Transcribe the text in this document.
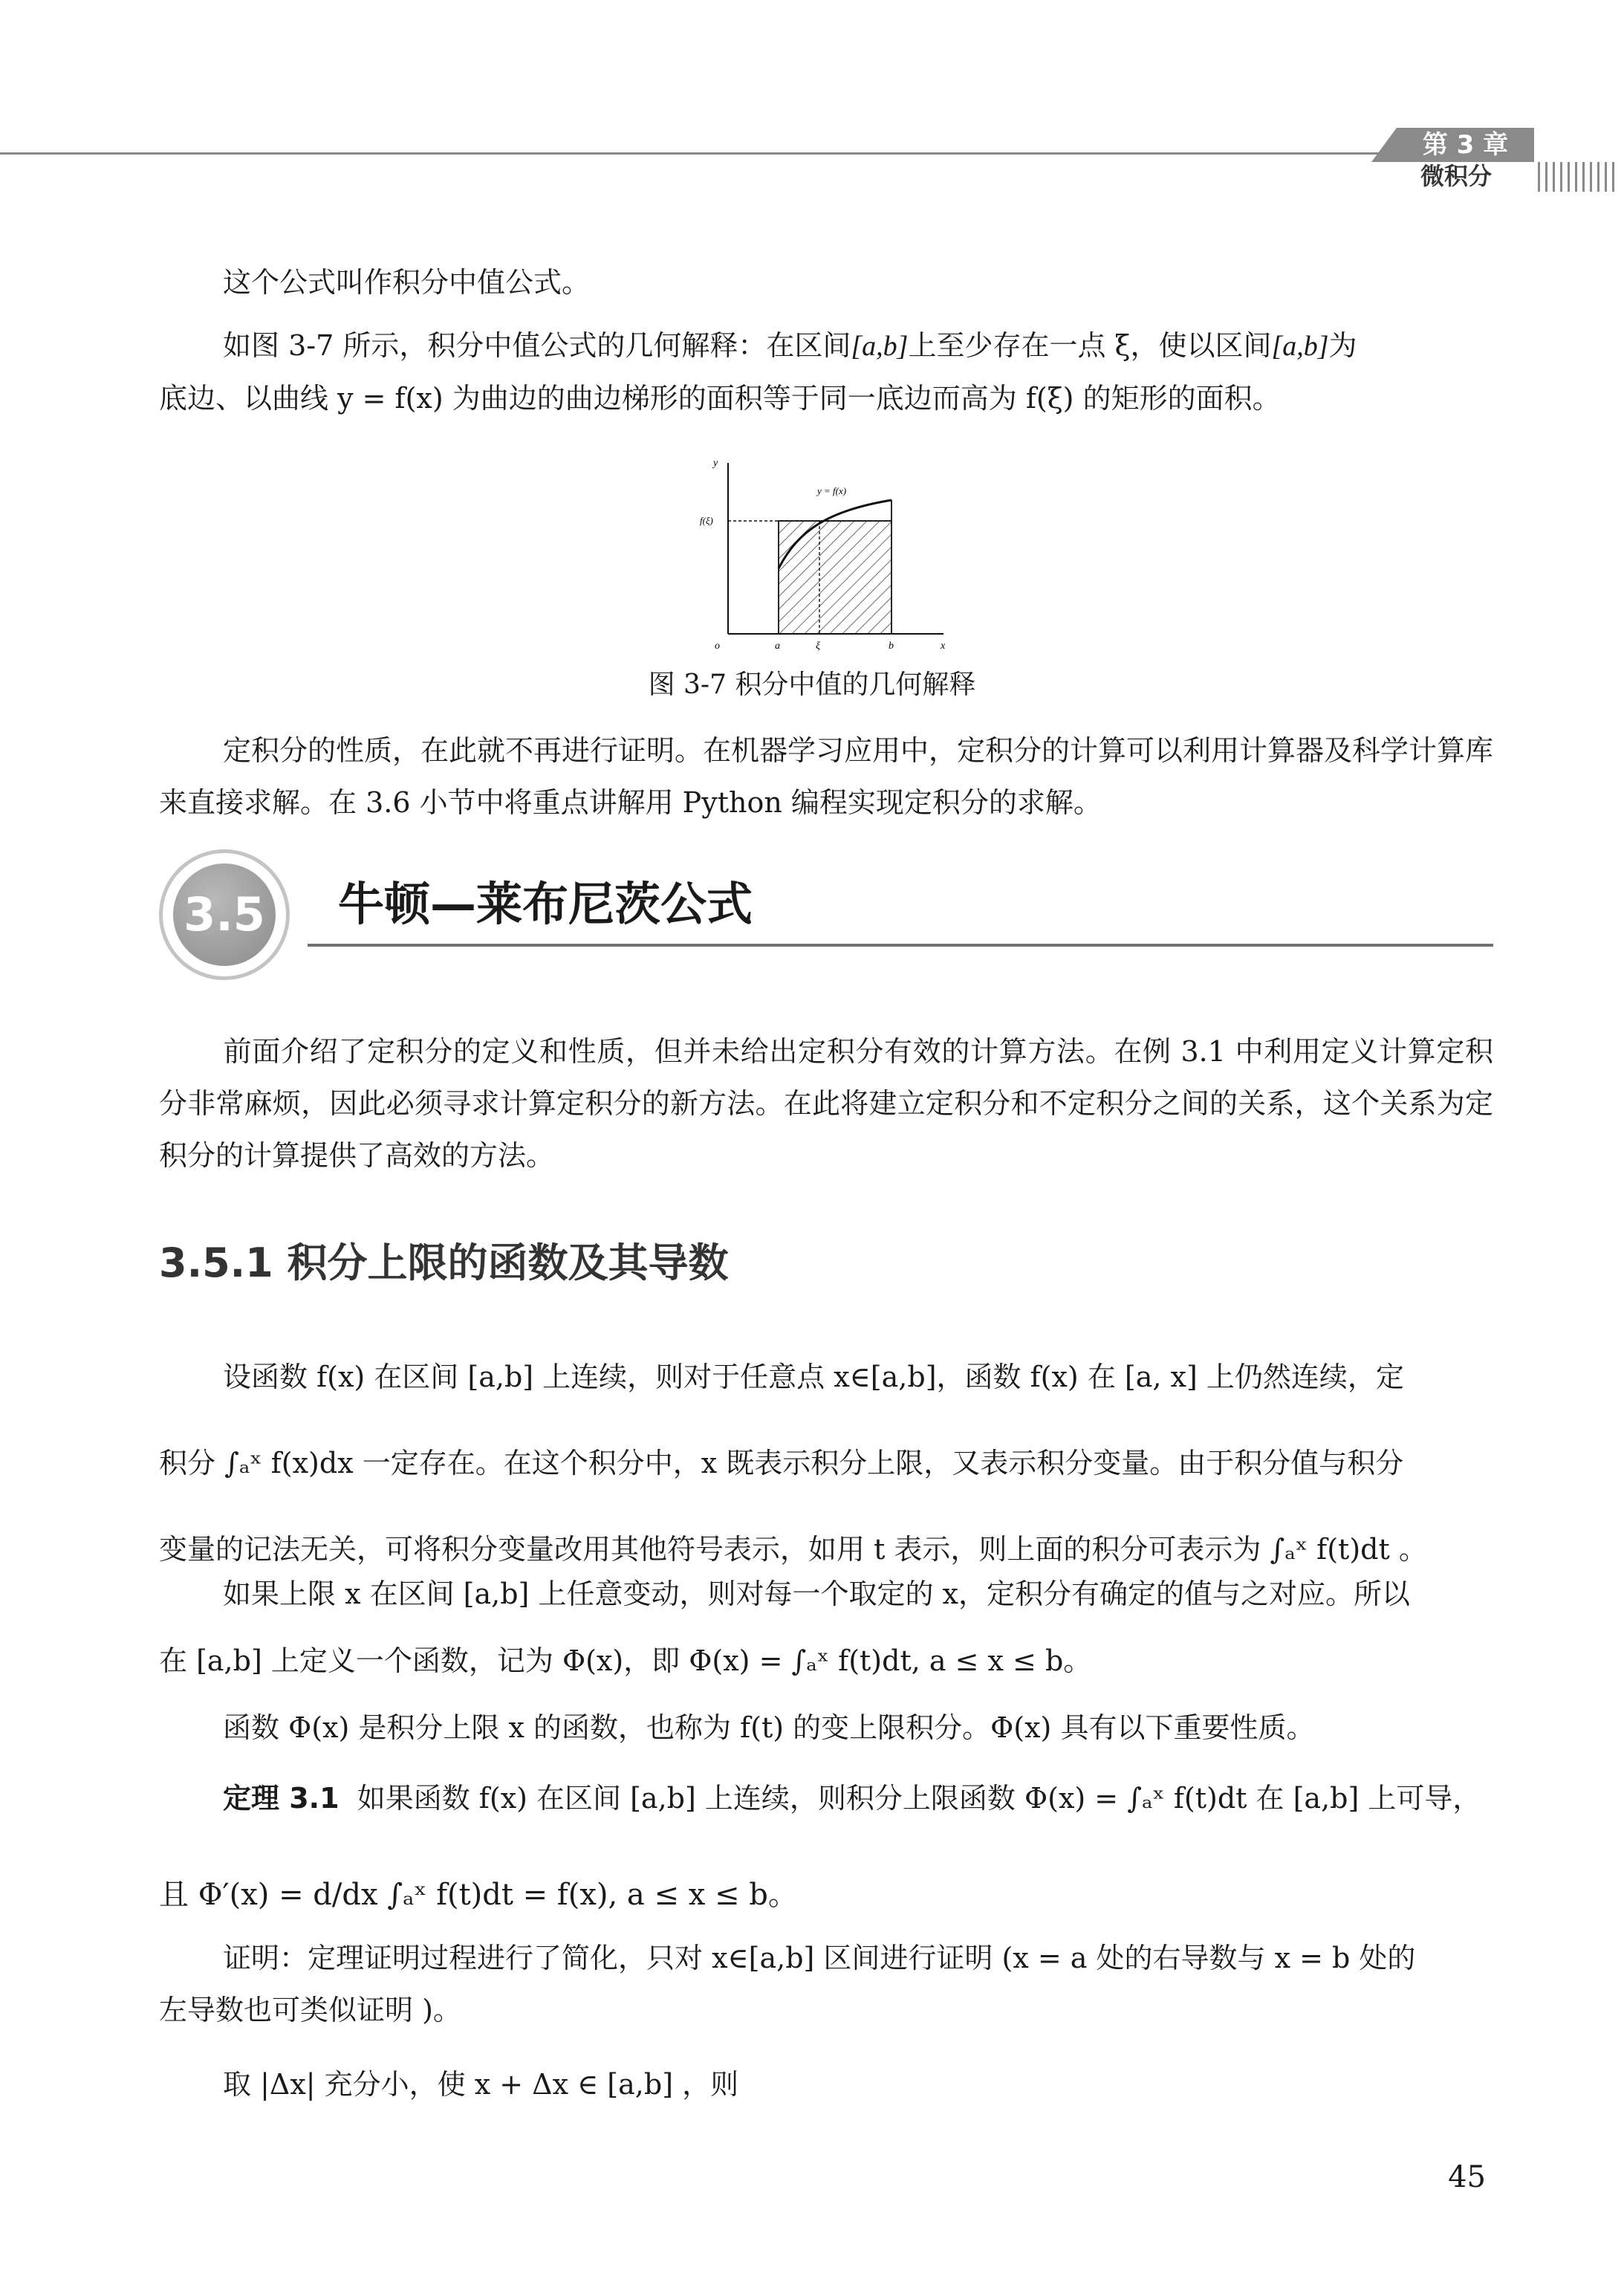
第 3 章
微积分
这个公式叫作积分中值公式。
如图 3-7 所示，积分中值公式的几何解释：在区间[a,b]上至少存在一点 ξ，使以区间[a,b]为
底边、以曲线 y = f(x) 为曲边的曲边梯形的面积等于同一底边而高为 f(ξ) 的矩形的面积。
y
x
o
y = f(x)
f(ξ)
a	ξ	b
图 3-7 积分中值的几何解释
定积分的性质，在此就不再进行证明。在机器学习应用中，定积分的计算可以利用计算器及科学计算库来直接求解。在 3.6 小节中将重点讲解用 Python 编程实现定积分的求解。
3.5 牛顿—莱布尼茨公式
前面介绍了定积分的定义和性质，但并未给出定积分有效的计算方法。在例 3.1 中利用定义计算定积分非常麻烦，因此必须寻求计算定积分的新方法。在此将建立定积分和不定积分之间的关系，这个关系为定积分的计算提供了高效的方法。
3.5.1 积分上限的函数及其导数
设函数 f(x) 在区间 [a,b] 上连续，则对于任意点 x∈[a,b]，函数 f(x) 在 [a, x] 上仍然连续，定
积分 ∫ₐˣ f(x)dx 一定存在。在这个积分中，x 既表示积分上限，又表示积分变量。由于积分值与积分
变量的记法无关，可将积分变量改用其他符号表示，如用 t 表示，则上面的积分可表示为 ∫ₐˣ f(t)dt 。
如果上限 x 在区间 [a,b] 上任意变动，则对每一个取定的 x，定积分有确定的值与之对应。所以
在 [a,b] 上定义一个函数，记为 Φ(x)，即 Φ(x) = ∫ₐˣ f(t)dt, a ≤ x ≤ b。
函数 Φ(x) 是积分上限 x 的函数，也称为 f(t) 的变上限积分。Φ(x) 具有以下重要性质。
定理 3.1 如果函数 f(x) 在区间 [a,b] 上连续，则积分上限函数 Φ(x) = ∫ₐˣ f(t)dt 在 [a,b] 上可导，
且 Φ′(x) = d/dx ∫ₐˣ f(t)dt = f(x), a ≤ x ≤ b。
证明：定理证明过程进行了简化，只对 x∈[a,b] 区间进行证明 (x = a 处的右导数与 x = b 处的
左导数也可类似证明 )。
取 |Δx| 充分小，使 x + Δx ∈ [a,b] ，则
45
